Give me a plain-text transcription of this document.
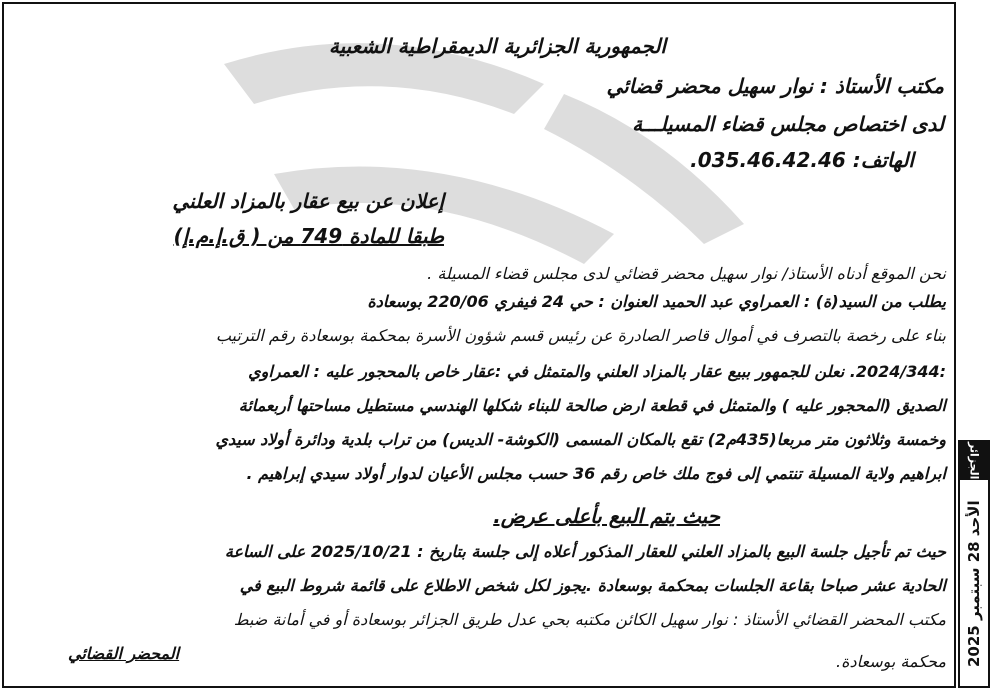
الجمهورية الجزائرية الديمقراطية الشعبية
مكتب الأستاذ : نوار سهيل محضر قضائي
لدى اختصاص مجلس قضاء المسيلـــة
الهاتف: 035.46.42.46.
إعلان عن بيع عقار بالمزاد العلني
طبقا للمادة 749 من ( ق.إ.م.إ)
نحن الموقع أدناه الأستاذ/ نوار سهيل محضر قضائي لدى مجلس قضاء المسيلة .
يطلب من السيد(ة) : العمراوي عبد الحميد العنوان : حي 24 فيفري 220/06 بوسعادة
بناء على رخصة بالتصرف في أموال قاصر الصادرة عن رئيس قسم شؤون الأسرة بمحكمة بوسعادة رقم الترتيب
:2024/344. نعلن للجمهور ببيع عقار بالمزاد العلني والمتمثل في :عقار خاص بالمحجور عليه : العمراوي
الصديق (المحجور عليه ) والمتمثل في قطعة ارض صالحة للبناء شكلها الهندسي مستطيل مساحتها أربعمائة
وخمسة وثلاثون متر مربعا(435م2) تقع بالمكان المسمى (الكوشة- الديس) من تراب بلدية ودائرة أولاد سيدي
ابراهيم ولاية المسيلة تنتمي إلى فوج ملك خاص رقم 36 حسب مجلس الأعيان لدوار أولاد سيدي إبراهيم .
حيث يتم البيع بأعلى عرض.
حيث تم تأجيل جلسة البيع بالمزاد العلني للعقار المذكور أعلاه إلى جلسة بتاريخ : 2025/10/21 على الساعة
الحادية عشر صباحا بقاعة الجلسات بمحكمة بوسعادة .يجوز لكل شخص الاطلاع على قائمة شروط البيع في
مكتب المحضر القضائي الأستاذ : نوار سهيل الكائن مكتبه بحي عدل طريق الجزائر بوسعادة أو في أمانة ضبط
محكمة بوسعادة.
المحضر القضائي
الجزائر
الأحد 28 سبتمبر 2025
